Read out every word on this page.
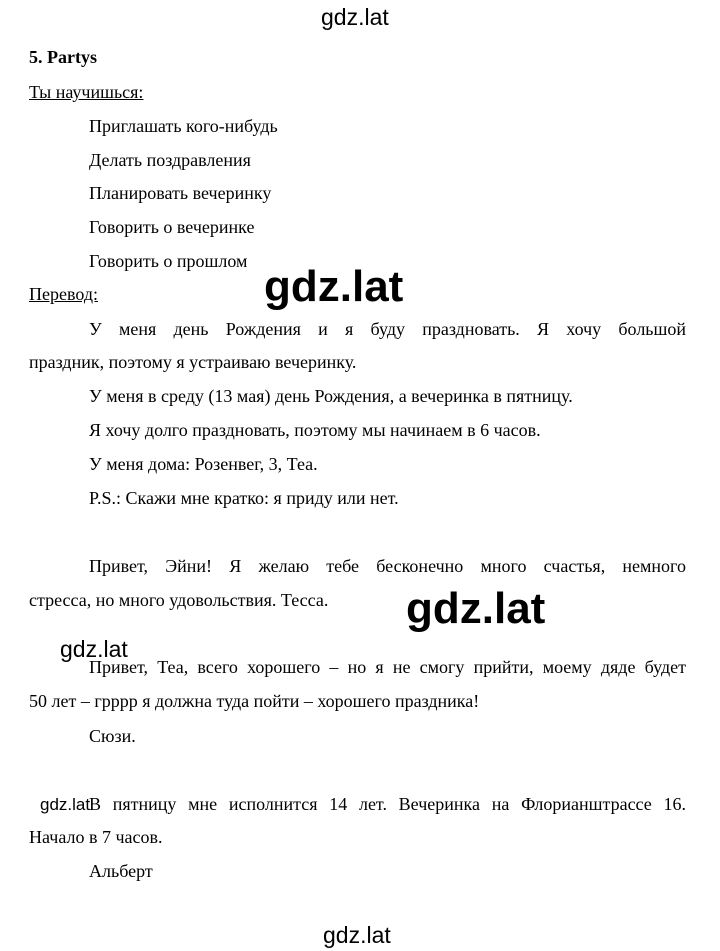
gdz.lat
gdz.lat
gdz.lat
gdz.lat
gdz.lat
gdz.lat
5. Partys
Ты научишься:
Приглашать кого-нибудь
Делать поздравления
Планировать вечеринку
Говорить о вечеринке
Говорить о прошлом
Перевод:
У меня день Рождения и я буду праздновать. Я хочу большой
праздник, поэтому я устраиваю вечеринку.
У меня в среду (13 мая) день Рождения, а вечеринка в пятницу.
Я хочу долго праздновать, поэтому мы начинаем в 6 часов.
У меня дома: Розенвег, 3, Теа.
P.S.: Скажи мне кратко: я приду или нет.
Привет, Эйни! Я желаю тебе бесконечно много счастья, немного
стресса, но много удовольствия. Тесса.
Привет, Теа, всего хорошего – но я не смогу прийти, моему дяде будет
50 лет – грррр я должна туда пойти – хорошего праздника!
Сюзи.
В пятницу мне исполнится 14 лет. Вечеринка на Флорианштрассе 16.
Начало в 7 часов.
Альберт
